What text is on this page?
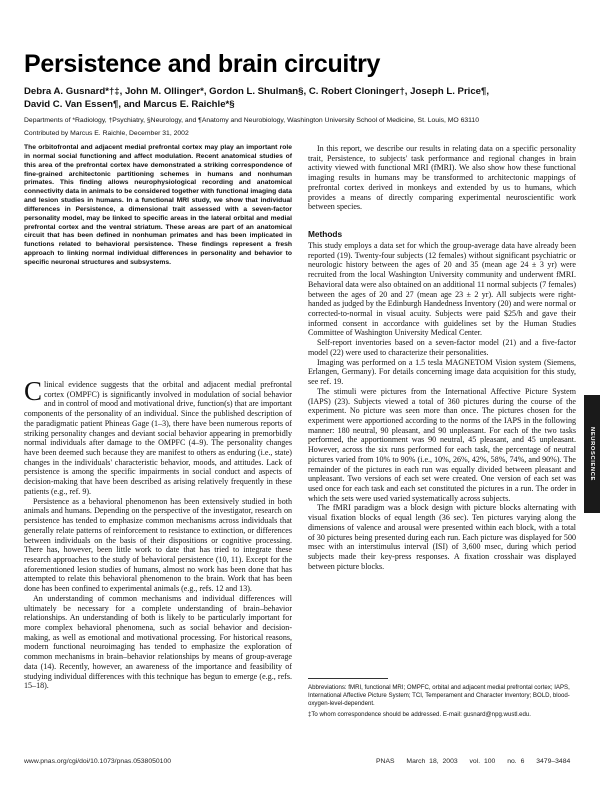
Persistence and brain circuitry
Debra A. Gusnard*†‡, John M. Ollinger*, Gordon L. Shulman§, C. Robert Cloninger†, Joseph L. Price¶, David C. Van Essen¶, and Marcus E. Raichle*§
Departments of *Radiology, †Psychiatry, §Neurology, and ¶Anatomy and Neurobiology, Washington University School of Medicine, St. Louis, MO 63110
Contributed by Marcus E. Raichle, December 31, 2002
The orbitofrontal and adjacent medial prefrontal cortex may play an important role in normal social functioning and affect modulation. Recent anatomical studies of this area of the prefrontal cortex have demonstrated a striking correspondence of fine-grained architectonic partitioning schemes in humans and nonhuman primates. This finding allows neurophysiological recording and anatomical connectivity data in animals to be considered together with functional imaging data and lesion studies in humans. In a functional MRI study, we show that individual differences in Persistence, a dimensional trait assessed with a seven-factor personality model, may be linked to specific areas in the lateral orbital and medial prefrontal cortex and the ventral striatum. These areas are part of an anatomical circuit that has been defined in nonhuman primates and has been implicated in functions related to behavioral persistence. These findings represent a fresh approach to linking normal individual differences in personality and behavior to specific neuronal structures and subsystems.

Clinical evidence suggests that the orbital and adjacent medial prefrontal cortex (OMPFC) is significantly involved in modulation of social behavior and in control of mood and motivational drive, function(s) that are important components of the personality of an individual. Since the published description of the paradigmatic patient Phineas Gage (1–3), there have been numerous reports of striking personality changes and deviant social behavior appearing in premorbidly normal individuals after damage to the OMPFC (4–9). The personality changes have been deemed such because they are manifest to others as enduring (i.e., state) changes in the individuals' characteristic behavior, moods, and attitudes. Lack of persistence is among the specific impairments in social conduct and aspects of decision-making that have been described as arising relatively frequently in these patients (e.g., ref. 9).

Persistence as a behavioral phenomenon has been extensively studied in both animals and humans. Depending on the perspective of the investigator, research on persistence has tended to emphasize common mechanisms across individuals that generally relate patterns of reinforcement to resistance to extinction, or differences between individuals on the basis of their dispositions or cognitive processing. There has, however, been little work to date that has tried to integrate these research approaches to the study of behavioral persistence (10, 11). Except for the aforementioned lesion studies of humans, almost no work has been done that has attempted to relate this behavioral phenomenon to the brain. Work that has been done has been confined to experimental animals (e.g., refs. 12 and 13).

An understanding of common mechanisms and individual differences will ultimately be necessary for a complete understanding of brain–behavior relationships. An understanding of both is likely to be particularly important for more complex behavioral phenomena, such as social behavior and decision-making, as well as emotional and motivational processing. For historical reasons, modern functional neuroimaging has tended to emphasize the exploration of common mechanisms in brain–behavior relationships by means of group-average data (14). Recently, however, an awareness of the importance and feasibility of studying individual differences with this technique has begun to emerge (e.g., refs. 15–18).

In this report, we describe our results in relating data on a specific personality trait, Persistence, to subjects' task performance and regional changes in brain activity viewed with functional MRI (fMRI). We also show how these functional imaging results in humans may be transformed to architectonic mappings of prefrontal cortex derived in monkeys and extended by us to humans, which provides a means of directly comparing experimental neuroscientific work between species.

Methods

This study employs a data set for which the group-average data have already been reported (19). Twenty-four subjects (12 females) without significant psychiatric or neurologic history between the ages of 20 and 35 (mean age 24 ± 3 yr) were recruited from the local Washington University community and underwent fMRI. Behavioral data were also obtained on an additional 11 normal subjects (7 females) between the ages of 20 and 27 (mean age 23 ± 2 yr). All subjects were right-handed as judged by the Edinburgh Handedness Inventory (20) and were normal or corrected-to-normal in visual acuity. Subjects were paid $25/h and gave their informed consent in accordance with guidelines set by the Human Studies Committee of Washington University Medical Center.

Self-report inventories based on a seven-factor model (21) and a five-factor model (22) were used to characterize their personalities.

Imaging was performed on a 1.5 tesla MAGNETOM Vision system (Siemens, Erlangen, Germany). For details concerning image data acquisition for this study, see ref. 19.

The stimuli were pictures from the International Affective Picture System (IAPS) (23). Subjects viewed a total of 360 pictures during the course of the experiment. No picture was seen more than once. The pictures chosen for the experiment were apportioned according to the norms of the IAPS in the following manner: 180 neutral, 90 pleasant, and 90 unpleasant. For each of the two tasks performed, the apportionment was 90 neutral, 45 pleasant, and 45 unpleasant. However, across the six runs performed for each task, the percentage of neutral pictures varied from 10% to 90% (i.e., 10%, 26%, 42%, 58%, 74%, and 90%). The remainder of the pictures in each run was equally divided between pleasant and unpleasant. Two versions of each set were created. One version of each set was used once for each task and each set constituted the pictures in a run. The order in which the sets were used varied systematically across subjects.

The fMRI paradigm was a block design with picture blocks alternating with visual fixation blocks of equal length (36 sec). Ten pictures varying along the dimensions of valence and arousal were presented within each block, with a total of 30 pictures being presented during each run. Each picture was displayed for 500 msec with an interstimulus interval (ISI) of 3,600 msec, during which period subjects made their key-press responses. A fixation crosshair was displayed between picture blocks.

Abbreviations: fMRI, functional MRI; OMPFC, orbital and adjacent medial prefrontal cortex; IAPS, International Affective Picture System; TCI, Temperament and Character Inventory; BOLD, blood-oxygen-level-dependent.

‡To whom correspondence should be addressed. E-mail: gusnard@npg.wustl.edu.

NEUROSCIENCE
www.pnas.org/cgi/doi/10.1073/pnas.0538050100	PNAS March 18, 2003 vol. 100 no. 6 3479–3484
